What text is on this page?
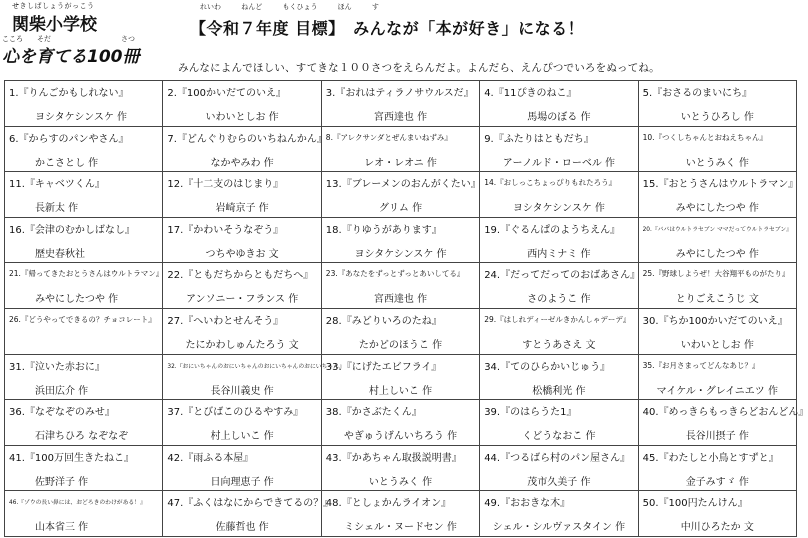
せきしばしょうがっこう
関柴小学校
こころ　　そだ　　　　　　　　　　さつ
心を育てる100冊
れいわ ねんど もくひょう ほん す
【令和７年度 目標】　みんなが「本が好き」になる！
みんなによんでほしい、すてきな１００さつをえらんだよ。よんだら、えんぴつでいろをぬってね。
1.『りんごかもしれない』
ヨシタケシンスケ 作
2.『100かいだてのいえ』
いわいとしお 作
3.『おれはティラノサウルスだ』
宮西達也 作
4.『11ぴきのねこ』
馬場のぼる 作
5.『おさるのまいにち』
いとうひろし 作
6.『からすのパンやさん』
かこさとし 作
7.『どんぐりむらのいちねんかん』
なかやみわ 作
8.『アレクサンダとぜんまいねずみ』
レオ・レオニ 作
9.『ふたりはともだち』
アーノルド・ローベル 作
10.『つくしちゃんとおねえちゃん』
いとうみく 作
11.『キャベツくん』
長新太 作
12.『十二支のはじまり』
岩崎京子 作
13.『ブレーメンのおんがくたい』
グリム 作
14.『おしっこちょっぴりもれたろう』
ヨシタケシンスケ 作
15.『おとうさんはウルトラマン』
みやにしたつや 作
16.『会津のむかしばなし』
歴史春秋社
17.『かわいそうなぞう』
つちやゆきお 文
18.『りゆうがあります』
ヨシタケシンスケ 作
19.『ぐるんぱのようちえん』
西内ミナミ 作
20.『パパはウルトラセブン ママだってウルトラセブン』
みやにしたつや 作
21.『帰ってきたおとうさんはウルトラマン』
みやにしたつや 作
22.『ともだちからともだちへ』
アンソニー・フランス 作
23.『あなたをずっとずっとあいしてる』
宮西達也 作
24.『だってだってのおばあさん』
さのようこ 作
25.『野球しようぜ！大谷翔平ものがたり』
とりごえこうじ 文
26.『どうやってできるの？チョコレート』 27.『へいわとせんそう』
たにかわしゅんたろう 文
28.『みどりいろのたね』
たかどのほうこ 作
29.『はしれディーゼルきかんしゃデーデ』
すとうあさえ 文
30.『ちか100かいだてのいえ』
いわいとしお 作
31.『泣いた赤おに』
浜田広介 作
32.『おにいちゃんのおにいちゃんのおにいちゃんのおにいちゃん』
長谷川義史 作
33.『にげたエビフライ』
村上しいこ 作
34.『てのひらかいじゅう』
松橋利光 作
35.『お月さまってどんなあじ？』
マイケル・グレイニエツ 作
36.『なぞなぞのみせ』
石津ちひろ なぞなぞ
37.『とびばこのひるやすみ』
村上しいこ 作
38.『かさぶたくん』
やぎゅうげんいちろう 作
39.『のはらうた1』
くどうなおこ 作
40.『めっきらもっきらどおんどん』
長谷川摂子 作
41.『100万回生きたねこ』
佐野洋子 作
42.『雨ふる本屋』
日向理恵子 作
43.『かあちゃん取扱説明書』
いとうみく 作
44.『つるばら村のパン屋さん』
茂市久美子 作
45.『わたしと小鳥とすずと』
金子みすゞ 作
46.『ゾウの長い鼻には、おどろきのわけがある！』
山本省三 作
47.『ふくはなにからできてるの？』
佐藤哲也 作
48.『としょかんライオン』
ミシェル・ヌードセン 作
49.『おおきな木』
シェル・シルヴァスタイン 作
50.『100円たんけん』
中川ひろたか 文
